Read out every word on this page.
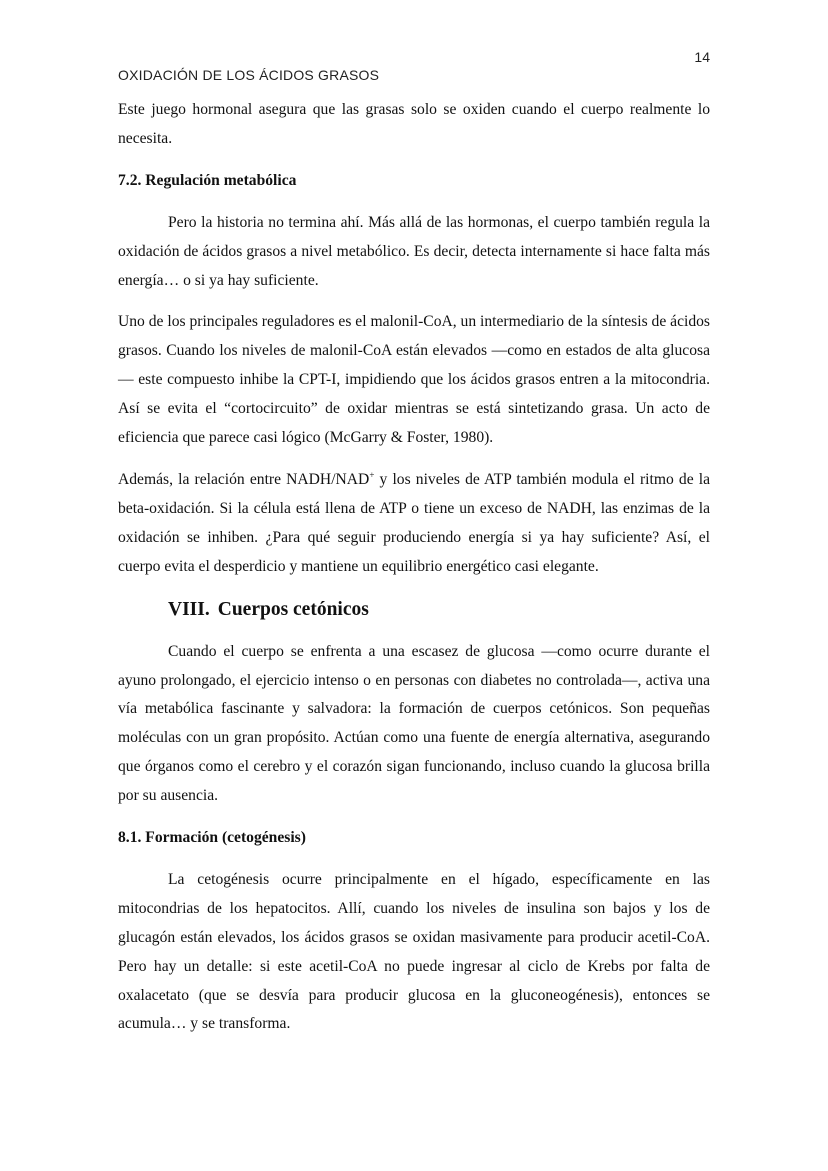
14
OXIDACIÓN DE LOS ÁCIDOS GRASOS

Este juego hormonal asegura que las grasas solo se oxiden cuando el cuerpo realmente lo necesita.

7.2. Regulación metabólica

Pero la historia no termina ahí. Más allá de las hormonas, el cuerpo también regula la oxidación de ácidos grasos a nivel metabólico. Es decir, detecta internamente si hace falta más energía… o si ya hay suficiente.

Uno de los principales reguladores es el malonil-CoA, un intermediario de la síntesis de ácidos grasos. Cuando los niveles de malonil-CoA están elevados —como en estados de alta glucosa— este compuesto inhibe la CPT-I, impidiendo que los ácidos grasos entren a la mitocondria. Así se evita el “cortocircuito” de oxidar mientras se está sintetizando grasa. Un acto de eficiencia que parece casi lógico (McGarry & Foster, 1980).

Además, la relación entre NADH/NAD+ y los niveles de ATP también modula el ritmo de la beta-oxidación. Si la célula está llena de ATP o tiene un exceso de NADH, las enzimas de la oxidación se inhiben. ¿Para qué seguir produciendo energía si ya hay suficiente? Así, el cuerpo evita el desperdicio y mantiene un equilibrio energético casi elegante.

VIII. Cuerpos cetónicos

Cuando el cuerpo se enfrenta a una escasez de glucosa —como ocurre durante el ayuno prolongado, el ejercicio intenso o en personas con diabetes no controlada—, activa una vía metabólica fascinante y salvadora: la formación de cuerpos cetónicos. Son pequeñas moléculas con un gran propósito. Actúan como una fuente de energía alternativa, asegurando que órganos como el cerebro y el corazón sigan funcionando, incluso cuando la glucosa brilla por su ausencia.

8.1. Formación (cetogénesis)

La cetogénesis ocurre principalmente en el hígado, específicamente en las mitocondrias de los hepatocitos. Allí, cuando los niveles de insulina son bajos y los de glucagón están elevados, los ácidos grasos se oxidan masivamente para producir acetil-CoA. Pero hay un detalle: si este acetil-CoA no puede ingresar al ciclo de Krebs por falta de oxalacetato (que se desvía para producir glucosa en la gluconeogénesis), entonces se acumula… y se transforma.
